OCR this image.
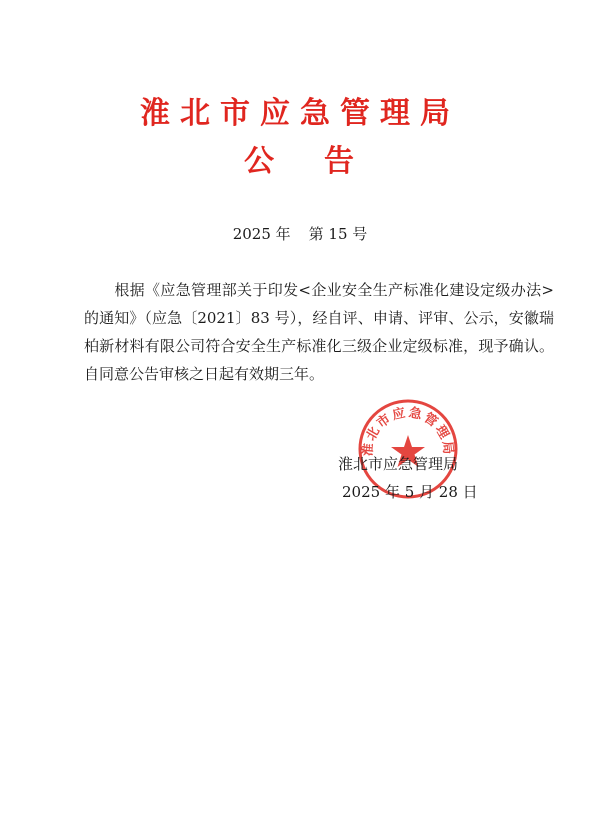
淮北市应急管理局
公告
2025 年 第 15 号
根据《应急管理部关于印发<企业安全生产标准化建设定级办法>的通知》（应急〔2021〕83 号），经自评、申请、评审、公示，安徽瑞柏新材料有限公司符合安全生产标准化三级企业定级标准，现予确认。自同意公告审核之日起有效期三年。
淮北市应急管理局
淮北市应急管理局
2025 年 5 月 28 日
